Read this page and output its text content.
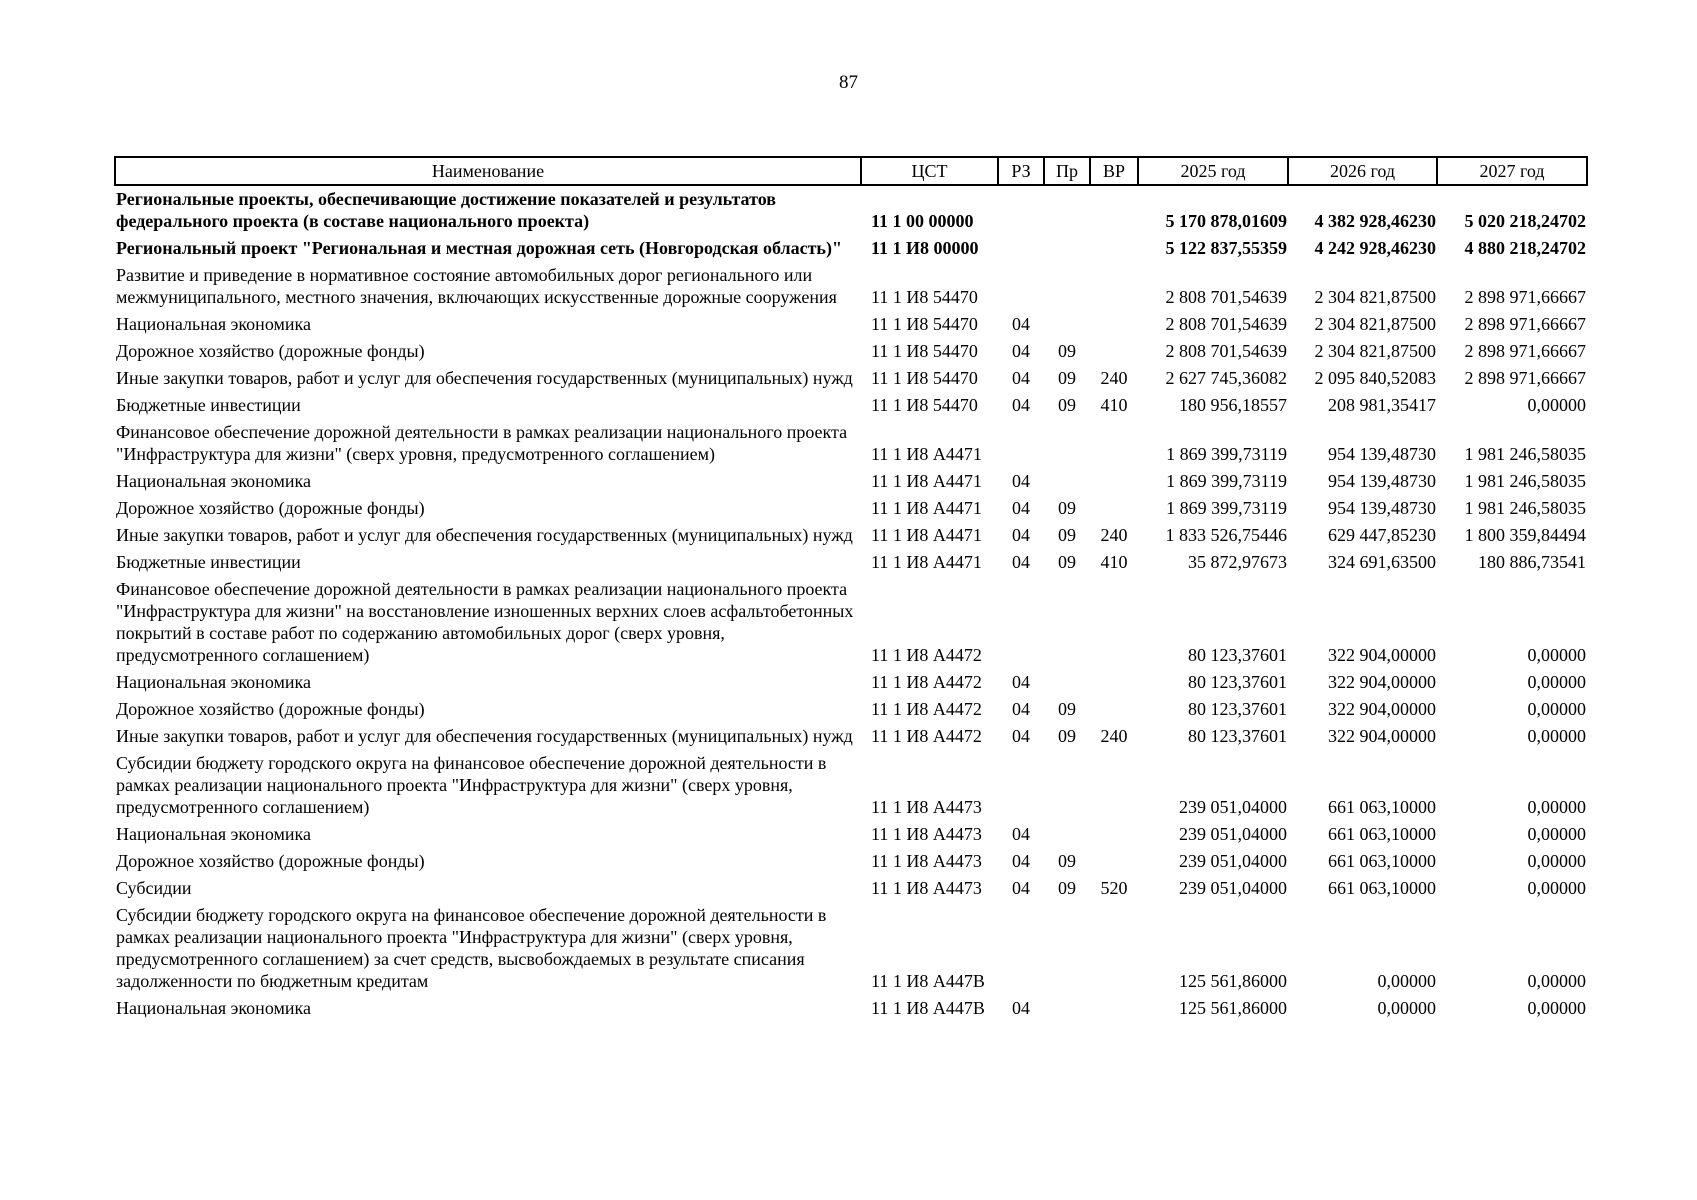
87
Наименование	ЦСТ	РЗ	Пр	ВР	2025 год	2026 год	2027 год
Региональные проекты, обеспечивающие достижение показателей и результатов федерального проекта (в составе национального проекта)	11 1 00 00000				5 170 878,01609	4 382 928,46230	5 020 218,24702
Региональный проект "Региональная и местная дорожная сеть (Новгородская область)"	11 1 И8 00000				5 122 837,55359	4 242 928,46230	4 880 218,24702
Развитие и приведение в нормативное состояние автомобильных дорог регионального или межмуниципального, местного значения, включающих искусственные дорожные сооружения	11 1 И8 54470				2 808 701,54639	2 304 821,87500	2 898 971,66667
Национальная экономика	11 1 И8 54470	04			2 808 701,54639	2 304 821,87500	2 898 971,66667
Дорожное хозяйство (дорожные фонды)	11 1 И8 54470	04	09		2 808 701,54639	2 304 821,87500	2 898 971,66667
Иные закупки товаров, работ и услуг для обеспечения государственных (муниципальных) нужд	11 1 И8 54470	04	09	240	2 627 745,36082	2 095 840,52083	2 898 971,66667
Бюджетные инвестиции	11 1 И8 54470	04	09	410	180 956,18557	208 981,35417	0,00000
Финансовое обеспечение дорожной деятельности в рамках реализации национального проекта "Инфраструктура для жизни" (сверх уровня, предусмотренного соглашением)	11 1 И8 А4471				1 869 399,73119	954 139,48730	1 981 246,58035
Национальная экономика	11 1 И8 А4471	04			1 869 399,73119	954 139,48730	1 981 246,58035
Дорожное хозяйство (дорожные фонды)	11 1 И8 А4471	04	09		1 869 399,73119	954 139,48730	1 981 246,58035
Иные закупки товаров, работ и услуг для обеспечения государственных (муниципальных) нужд	11 1 И8 А4471	04	09	240	1 833 526,75446	629 447,85230	1 800 359,84494
Бюджетные инвестиции	11 1 И8 А4471	04	09	410	35 872,97673	324 691,63500	180 886,73541
Финансовое обеспечение дорожной деятельности в рамках реализации национального проекта "Инфраструктура для жизни" на восстановление изношенных верхних слоев асфальтобетонных покрытий в составе работ по содержанию автомобильных дорог (сверх уровня, предусмотренного соглашением)	11 1 И8 А4472				80 123,37601	322 904,00000	0,00000
Национальная экономика	11 1 И8 А4472	04			80 123,37601	322 904,00000	0,00000
Дорожное хозяйство (дорожные фонды)	11 1 И8 А4472	04	09		80 123,37601	322 904,00000	0,00000
Иные закупки товаров, работ и услуг для обеспечения государственных (муниципальных) нужд	11 1 И8 А4472	04	09	240	80 123,37601	322 904,00000	0,00000
Субсидии бюджету городского округа на финансовое обеспечение дорожной деятельности в рамках реализации национального проекта "Инфраструктура для жизни" (сверх уровня, предусмотренного соглашением)	11 1 И8 А4473				239 051,04000	661 063,10000	0,00000
Национальная экономика	11 1 И8 А4473	04			239 051,04000	661 063,10000	0,00000
Дорожное хозяйство (дорожные фонды)	11 1 И8 А4473	04	09		239 051,04000	661 063,10000	0,00000
Субсидии	11 1 И8 А4473	04	09	520	239 051,04000	661 063,10000	0,00000
Субсидии бюджету городского округа на финансовое обеспечение дорожной деятельности в рамках реализации национального проекта "Инфраструктура для жизни" (сверх уровня, предусмотренного соглашением) за счет средств, высвобождаемых в результате списания задолженности по бюджетным кредитам	11 1 И8 А447В				125 561,86000	0,00000	0,00000
Национальная экономика	11 1 И8 А447В	04			125 561,86000	0,00000	0,00000
